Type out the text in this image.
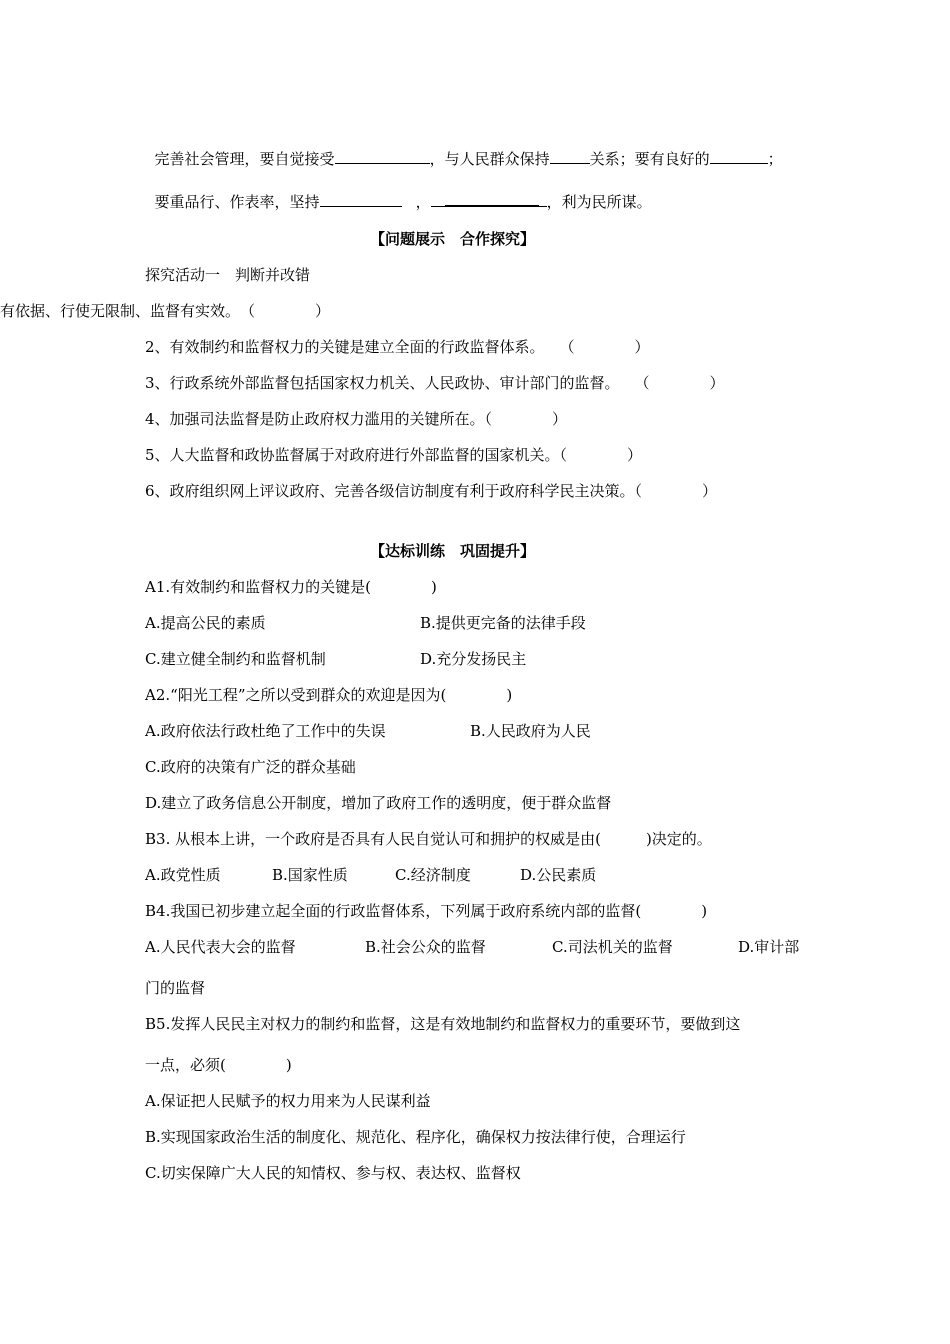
完善社会管理，要自觉接受	，与人民群众保持	关系；要有良好的	；

要重品行、作表率，坚持	，	，利为民所谋。

【问题展示　合作探究】
探究活动一　判断并改错
有依据、行使无限制、监督有实效。　（　　　　）
2、有效制约和监督权力的关键是建立全面的行政监督体系。　　（　　　　）
3、行政系统外部监督包括国家权力机关、人民政协、审计部门的监督。　　（　　　　）
4、加强司法监督是防止政府权力滥用的关键所在。（　　　　）
5、人大监督和政协监督属于对政府进行外部监督的国家机关。（　　　　）
6、政府组织网上评议政府、完善各级信访制度有利于政府科学民主决策。（　　　　）
【达标训练　巩固提升】
A1.有效制约和监督权力的关键是(　　　　)
A.提高公民的素质	B.提供更完备的法律手段
C.建立健全制约和监督机制	D.充分发扬民主
A2.“阳光工程”之所以受到群众的欢迎是因为(　　　　)
A.政府依法行政杜绝了工作中的失误	B.人民政府为人民
C.政府的决策有广泛的群众基础
D.建立了政务信息公开制度，增加了政府工作的透明度，便于群众监督
B3. 从根本上讲，一个政府是否具有人民自觉认可和拥护的权威是由(　　　)决定的。
A.政党性质	B.国家性质	C.经济制度	D.公民素质
B4.我国已初步建立起全面的行政监督体系，下列属于政府系统内部的监督(　　　　)
A.人民代表大会的监督	B.社会公众的监督	C.司法机关的监督	D.审计部
门的监督
B5.发挥人民民主对权力的制约和监督，这是有效地制约和监督权力的重要环节，要做到这
一点，必须(　　　　)
A.保证把人民赋予的权力用来为人民谋利益
B.实现国家政治生活的制度化、规范化、程序化，确保权力按法律行使，合理运行
C.切实保障广大人民的知情权、参与权、表达权、监督权
